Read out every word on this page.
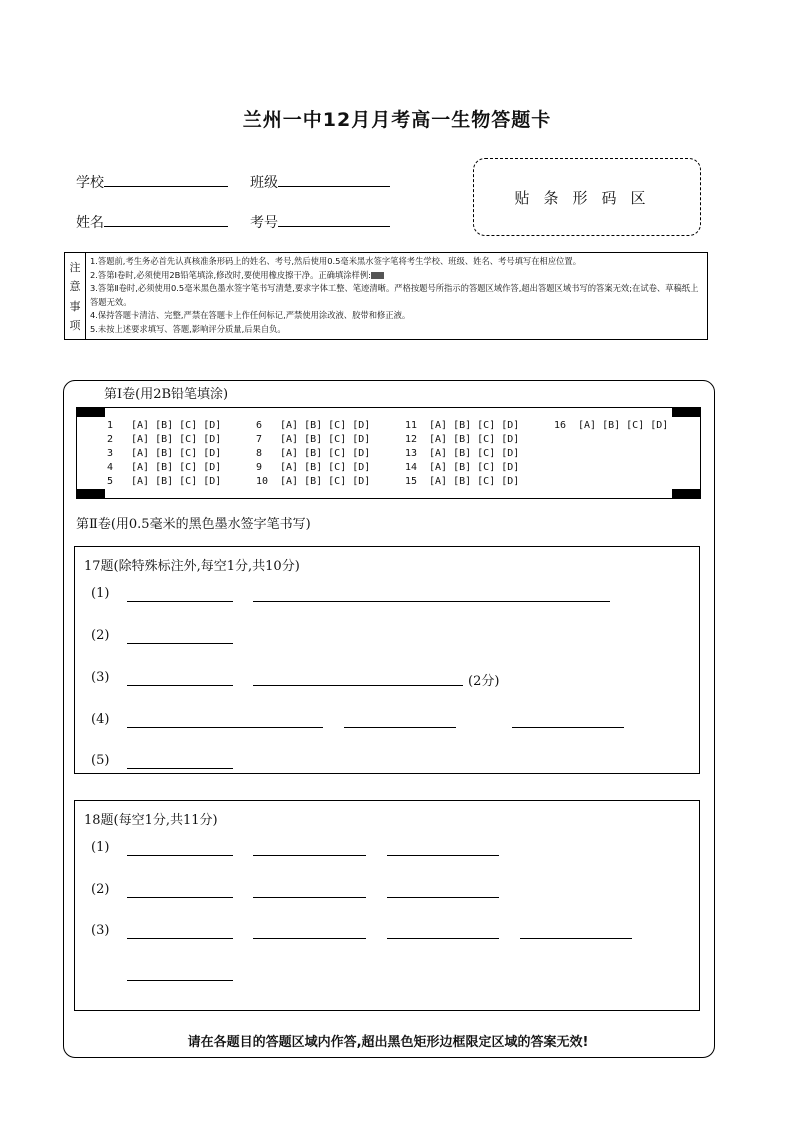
兰州一中12月月考高一生物答题卡
学校	班级
姓名	考号
贴条形码区
注
意
事
项
1.答题前,考生务必首先认真核准条形码上的姓名、考号,然后使用0.5毫米黑水签字笔将考生学校、班级、姓名、考号填写在相应位置。
2.答第Ⅰ卷时,必须使用2B铅笔填涂,修改时,要使用橡皮擦干净。正确填涂样例:
3.答第Ⅱ卷时,必须使用0.5毫米黑色墨水签字笔书写清楚,要求字体工整、笔迹清晰。严格按题号所指示的答题区域作答,超出答题区域书写的答案无效;在试卷、草稿纸上答题无效。
4.保持答题卡清洁、完整,严禁在答题卡上作任何标记,严禁使用涂改液、胶带和修正液。
5.未按上述要求填写、答题,影响评分质量,后果自负。
第Ⅰ卷(用2B铅笔填涂)
1	[A] [B] [C] [D]
2	[A] [B] [C] [D]
3	[A] [B] [C] [D]
4	[A] [B] [C] [D]
5	[A] [B] [C] [D]
6	[A] [B] [C] [D]
7	[A] [B] [C] [D]
8	[A] [B] [C] [D]
9	[A] [B] [C] [D]
10	[A] [B] [C] [D]
11	[A] [B] [C] [D]
12	[A] [B] [C] [D]
13	[A] [B] [C] [D]
14	[A] [B] [C] [D]
15	[A] [B] [C] [D]
16	[A] [B] [C] [D]
第Ⅱ卷(用0.5毫米的黑色墨水签字笔书写)
17题(除特殊标注外,每空1分,共10分)
(1)
(2)
(3)	(2分)
(4)
(5)
18题(每空1分,共11分)
(1)
(2)
(3)
请在各题目的答题区域内作答,超出黑色矩形边框限定区域的答案无效!
